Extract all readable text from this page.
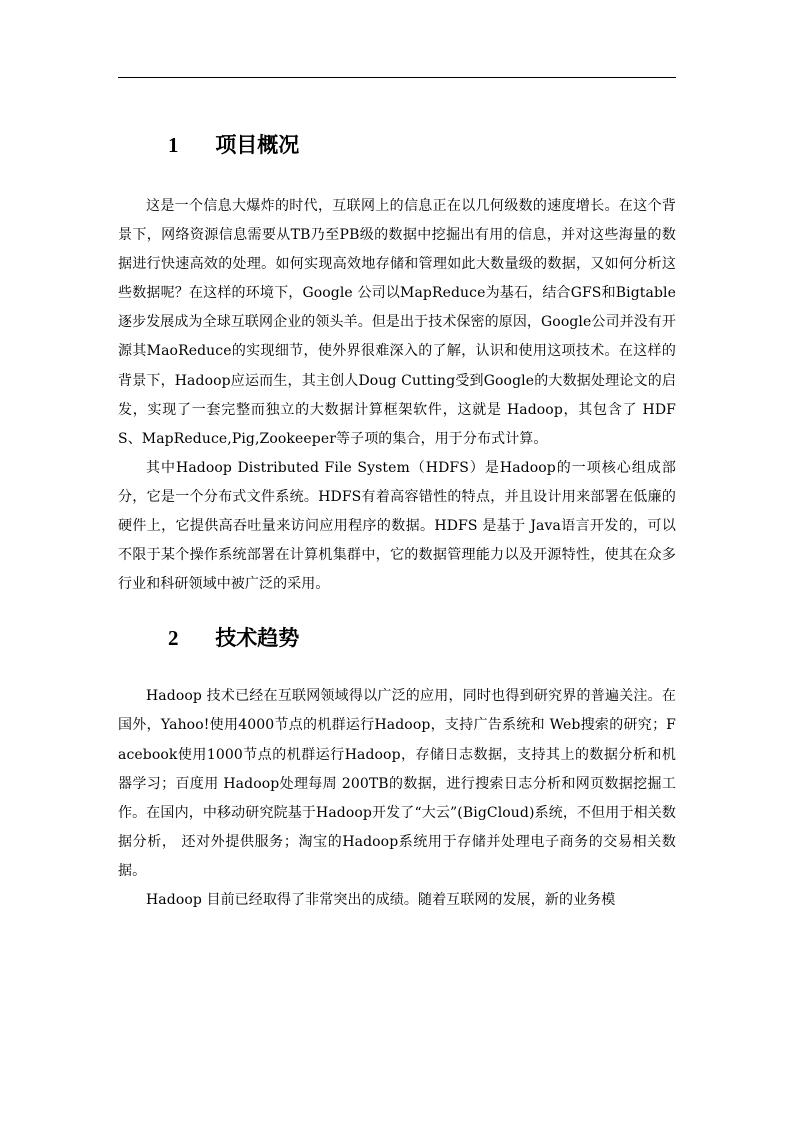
1 项目概况

这是一个信息大爆炸的时代，互联网上的信息正在以几何级数的速度增长。在这个背景下，网络资源信息需要从TB乃至PB级的数据中挖掘出有用的信息，并对这些海量的数据进行快速高效的处理。如何实现高效地存储和管理如此大数量级的数据，又如何分析这些数据呢？在这样的环境下，Google 公司以MapReduce为基石，结合GFS和Bigtable逐步发展成为全球互联网企业的领头羊。但是出于技术保密的原因，Google公司并没有开源其MaoReduce的实现细节，使外界很难深入的了解，认识和使用这项技术。在这样的背景下，Hadoop应运而生，其主创人Doug Cutting受到Google的大数据处理论文的启发，实现了一套完整而独立的大数据计算框架软件，这就是 Hadoop，其包含了 HDFS、MapReduce,Pig,Zookeeper等子项的集合，用于分布式计算。

其中Hadoop Distributed File System（HDFS）是Hadoop的一项核心组成部分，它是一个分布式文件系统。HDFS有着高容错性的特点，并且设计用来部署在低廉的硬件上，它提供高吞吐量来访问应用程序的数据。HDFS 是基于 Java语言开发的，可以不限于某个操作系统部署在计算机集群中，它的数据管理能力以及开源特性，使其在众多行业和科研领域中被广泛的采用。

2 技术趋势

Hadoop 技术已经在互联网领域得以广泛的应用，同时也得到研究界的普遍关注。在国外，Yahoo!使用4000节点的机群运行Hadoop，支持广告系统和 Web搜索的研究；Facebook使用1000节点的机群运行Hadoop，存储日志数据，支持其上的数据分析和机器学习；百度用 Hadoop处理每周 200TB的数据，进行搜索日志分析和网页数据挖掘工作。在国内，中移动研究院基于Hadoop开发了“大云”(BigCloud)系统，不但用于相关数据分析， 还对外提供服务；淘宝的Hadoop系统用于存储并处理电子商务的交易相关数据。

Hadoop 目前已经取得了非常突出的成绩。随着互联网的发展，新的业务模
